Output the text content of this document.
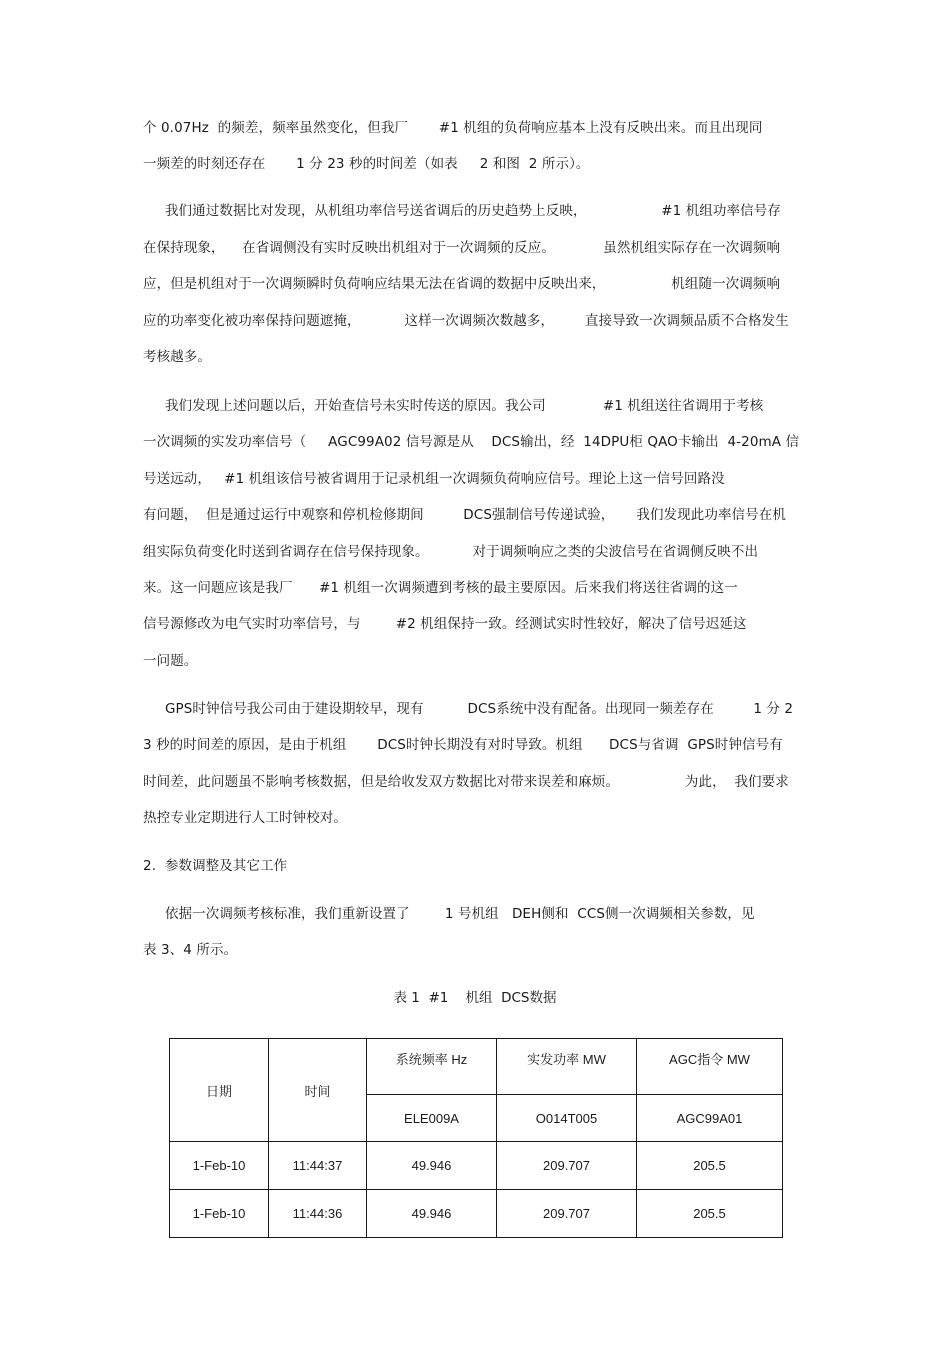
个 0.07Hz  的频差，频率虽然变化，但我厂       #1 机组的负荷响应基本上没有反映出来。而且出现同
一频差的时刻还存在       1 分 23 秒的时间差（如表     2 和图  2 所示）。
我们通过数据比对发现，从机组功率信号送省调后的历史趋势上反映，                 #1 机组功率信号存
在保持现象，    在省调侧没有实时反映出机组对于一次调频的反应。           虽然机组实际存在一次调频响
应，但是机组对于一次调频瞬时负荷响应结果无法在省调的数据中反映出来，               机组随一次调频响
应的功率变化被功率保持问题遮掩，          这样一次调频次数越多，       直接导致一次调频品质不合格发生
考核越多。
我们发现上述问题以后，开始查信号未实时传送的原因。我公司             #1 机组送往省调用于考核
一次调频的实发功率信号（     AGC99A02 信号源是从    DCS输出，经  14DPU柜 QAO卡输出  4-20mA 信
号送远动，   #1 机组该信号被省调用于记录机组一次调频负荷响应信号。理论上这一信号回路没
有问题，  但是通过运行中观察和停机检修期间         DCS强制信号传递试验，     我们发现此功率信号在机
组实际负荷变化时送到省调存在信号保持现象。          对于调频响应之类的尖波信号在省调侧反映不出
来。这一问题应该是我厂      #1 机组一次调频遭到考核的最主要原因。后来我们将送往省调的这一
信号源修改为电气实时功率信号，与        #2 机组保持一致。经测试实时性较好，解决了信号迟延这
一问题。
GPS时钟信号我公司由于建设期较早，现有          DCS系统中没有配备。出现同一频差存在         1 分 2
3 秒的时间差的原因，是由于机组       DCS时钟长期没有对时导致。机组      DCS与省调  GPS时钟信号有
时间差，此问题虽不影响考核数据，但是给收发双方数据比对带来误差和麻烦。               为此，  我们要求
热控专业定期进行人工时钟校对。
2.  参数调整及其它工作
依据一次调频考核标准，我们重新设置了        1 号机组   DEH侧和  CCS侧一次调频相关参数，见
表 3、4 所示。
表 1  #1    机组  DCS数据
日期	时间	系统频率 Hz	实发功率 MW	AGC指令 MW
		ELE009A	O014T005	AGC99A01
1-Feb-10	11:44:37	49.946	209.707	205.5
1-Feb-10	11:44:36	49.946	209.707	205.5
